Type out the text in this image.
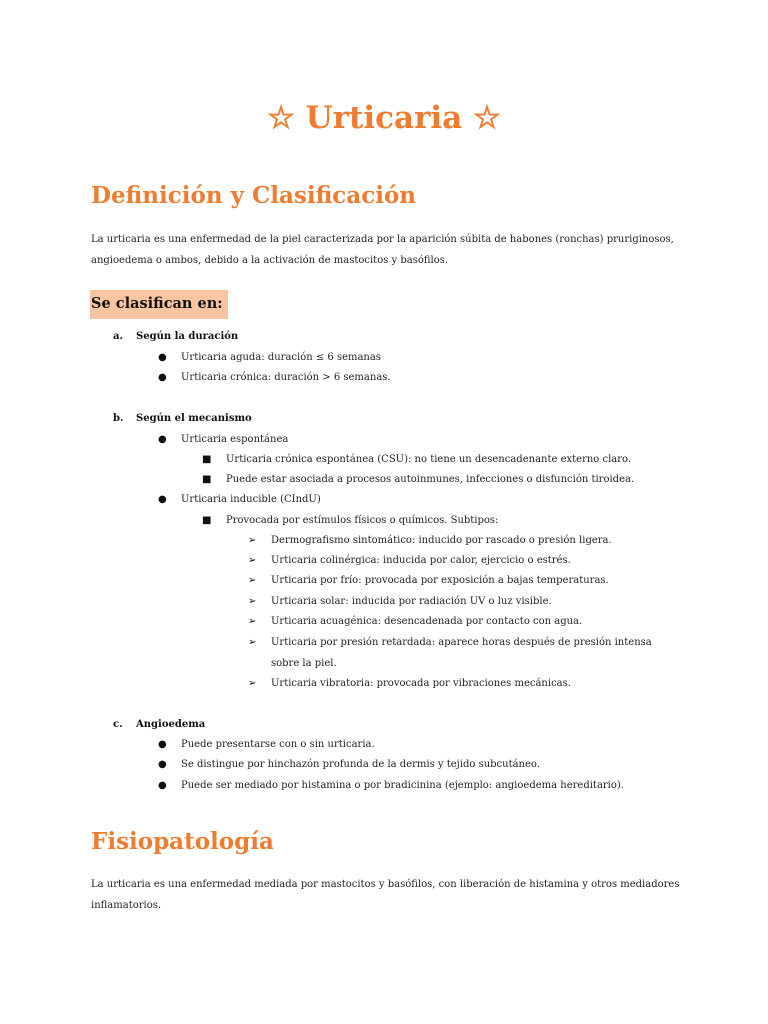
☆ Urticaria ☆
Definición y Clasificación

La urticaria es una enfermedad de la piel caracterizada por la aparición súbita de habones (ronchas) pruriginosos, angioedema o ambos, debido a la activación de mastocitos y basófilos.

Se clasifican en:
a. Según la duración
● Urticaria aguda: duración ≤ 6 semanas
● Urticaria crónica: duración > 6 semanas.
b. Según el mecanismo
● Urticaria espontánea
■ Urticaria crónica espontánea (CSU): no tiene un desencadenante externo claro.
■ Puede estar asociada a procesos autoinmunes, infecciones o disfunción tiroidea.
● Urticaria inducible (CIndU)
■ Provocada por estímulos físicos o químicos. Subtipos:
➢ Dermografismo sintomático: inducido por rascado o presión ligera.
➢ Urticaria colinérgica: inducida por calor, ejercicio o estrés.
➢ Urticaria por frío: provocada por exposición a bajas temperaturas.
➢ Urticaria solar: inducida por radiación UV o luz visible.
➢ Urticaria acuagénica: desencadenada por contacto con agua.
➢ Urticaria por presión retardada: aparece horas después de presión intensa sobre la piel.
➢ Urticaria vibratoria: provocada por vibraciones mecánicas.
c. Angioedema
● Puede presentarse con o sin urticaria.
● Se distingue por hinchazón profunda de la dermis y tejido subcutáneo.
● Puede ser mediado por histamina o por bradicinina (ejemplo: angioedema hereditario).
Fisiopatología

La urticaria es una enfermedad mediada por mastocitos y basófilos, con liberación de histamina y otros mediadores inflamatorios.
